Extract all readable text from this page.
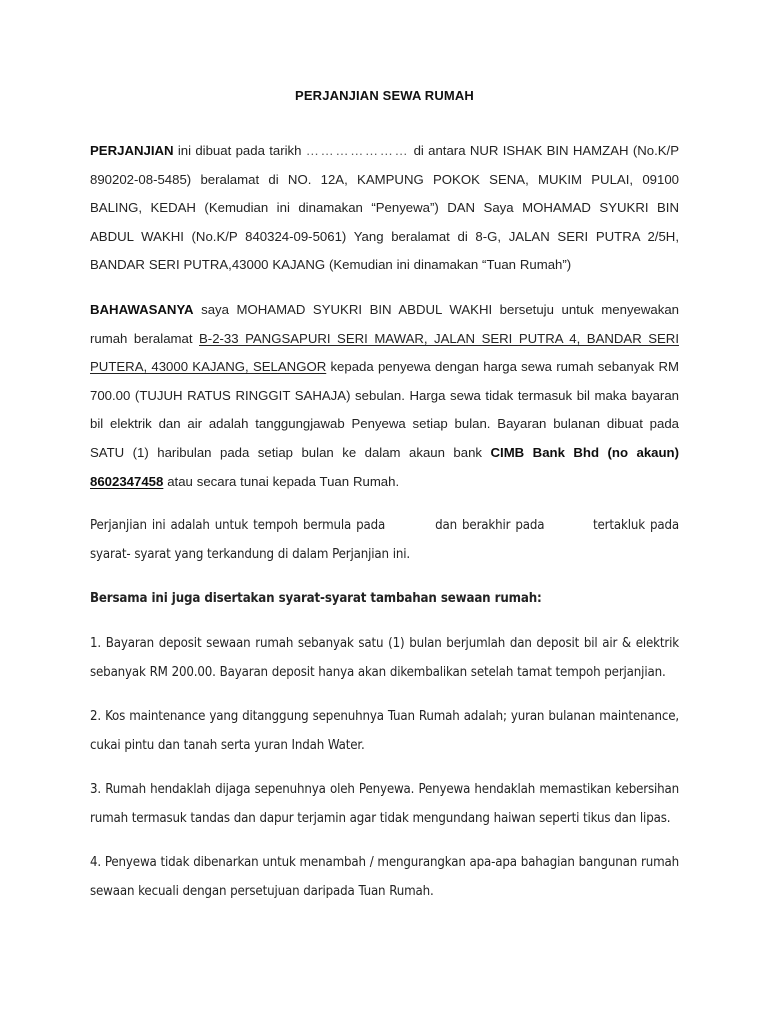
PERJANJIAN SEWA RUMAH

PERJANJIAN ini dibuat pada tarikh ………………… di antara NUR ISHAK BIN HAMZAH (No.K/P 890202-08-5485) beralamat di NO. 12A, KAMPUNG POKOK SENA, MUKIM PULAI, 09100 BALING, KEDAH (Kemudian ini dinamakan “Penyewa”) DAN Saya MOHAMAD SYUKRI BIN ABDUL WAKHI (No.K/P 840324-09-5061) Yang beralamat di 8-G, JALAN SERI PUTRA 2/5H, BANDAR SERI PUTRA,43000 KAJANG (Kemudian ini dinamakan “Tuan Rumah”)

BAHAWASANYA saya MOHAMAD SYUKRI BIN ABDUL WAKHI bersetuju untuk menyewakan rumah beralamat B-2-33 PANGSAPURI SERI MAWAR, JALAN SERI PUTRA 4, BANDAR SERI PUTERA, 43000 KAJANG, SELANGOR kepada penyewa dengan harga sewa rumah sebanyak RM 700.00 (TUJUH RATUS RINGGIT SAHAJA) sebulan. Harga sewa tidak termasuk bil maka bayaran bil elektrik dan air adalah tanggungjawab Penyewa setiap bulan. Bayaran bulanan dibuat pada SATU (1) haribulan pada setiap bulan ke dalam akaun bank CIMB Bank Bhd (no akaun) 8602347458 atau secara tunai kepada Tuan Rumah.

Perjanjian ini adalah untuk tempoh bermula pada	dan berakhir pada	tertakluk pada syarat- syarat yang terkandung di dalam Perjanjian ini.

Bersama ini juga disertakan syarat-syarat tambahan sewaan rumah:

1. Bayaran deposit sewaan rumah sebanyak satu (1) bulan berjumlah dan deposit bil air & elektrik sebanyak RM 200.00. Bayaran deposit hanya akan dikembalikan setelah tamat tempoh perjanjian.

2. Kos maintenance yang ditanggung sepenuhnya Tuan Rumah adalah; yuran bulanan maintenance, cukai pintu dan tanah serta yuran Indah Water.

3. Rumah hendaklah dijaga sepenuhnya oleh Penyewa. Penyewa hendaklah memastikan kebersihan rumah termasuk tandas dan dapur terjamin agar tidak mengundang haiwan seperti tikus dan lipas.

4. Penyewa tidak dibenarkan untuk menambah / mengurangkan apa-apa bahagian bangunan rumah sewaan kecuali dengan persetujuan daripada Tuan Rumah.
